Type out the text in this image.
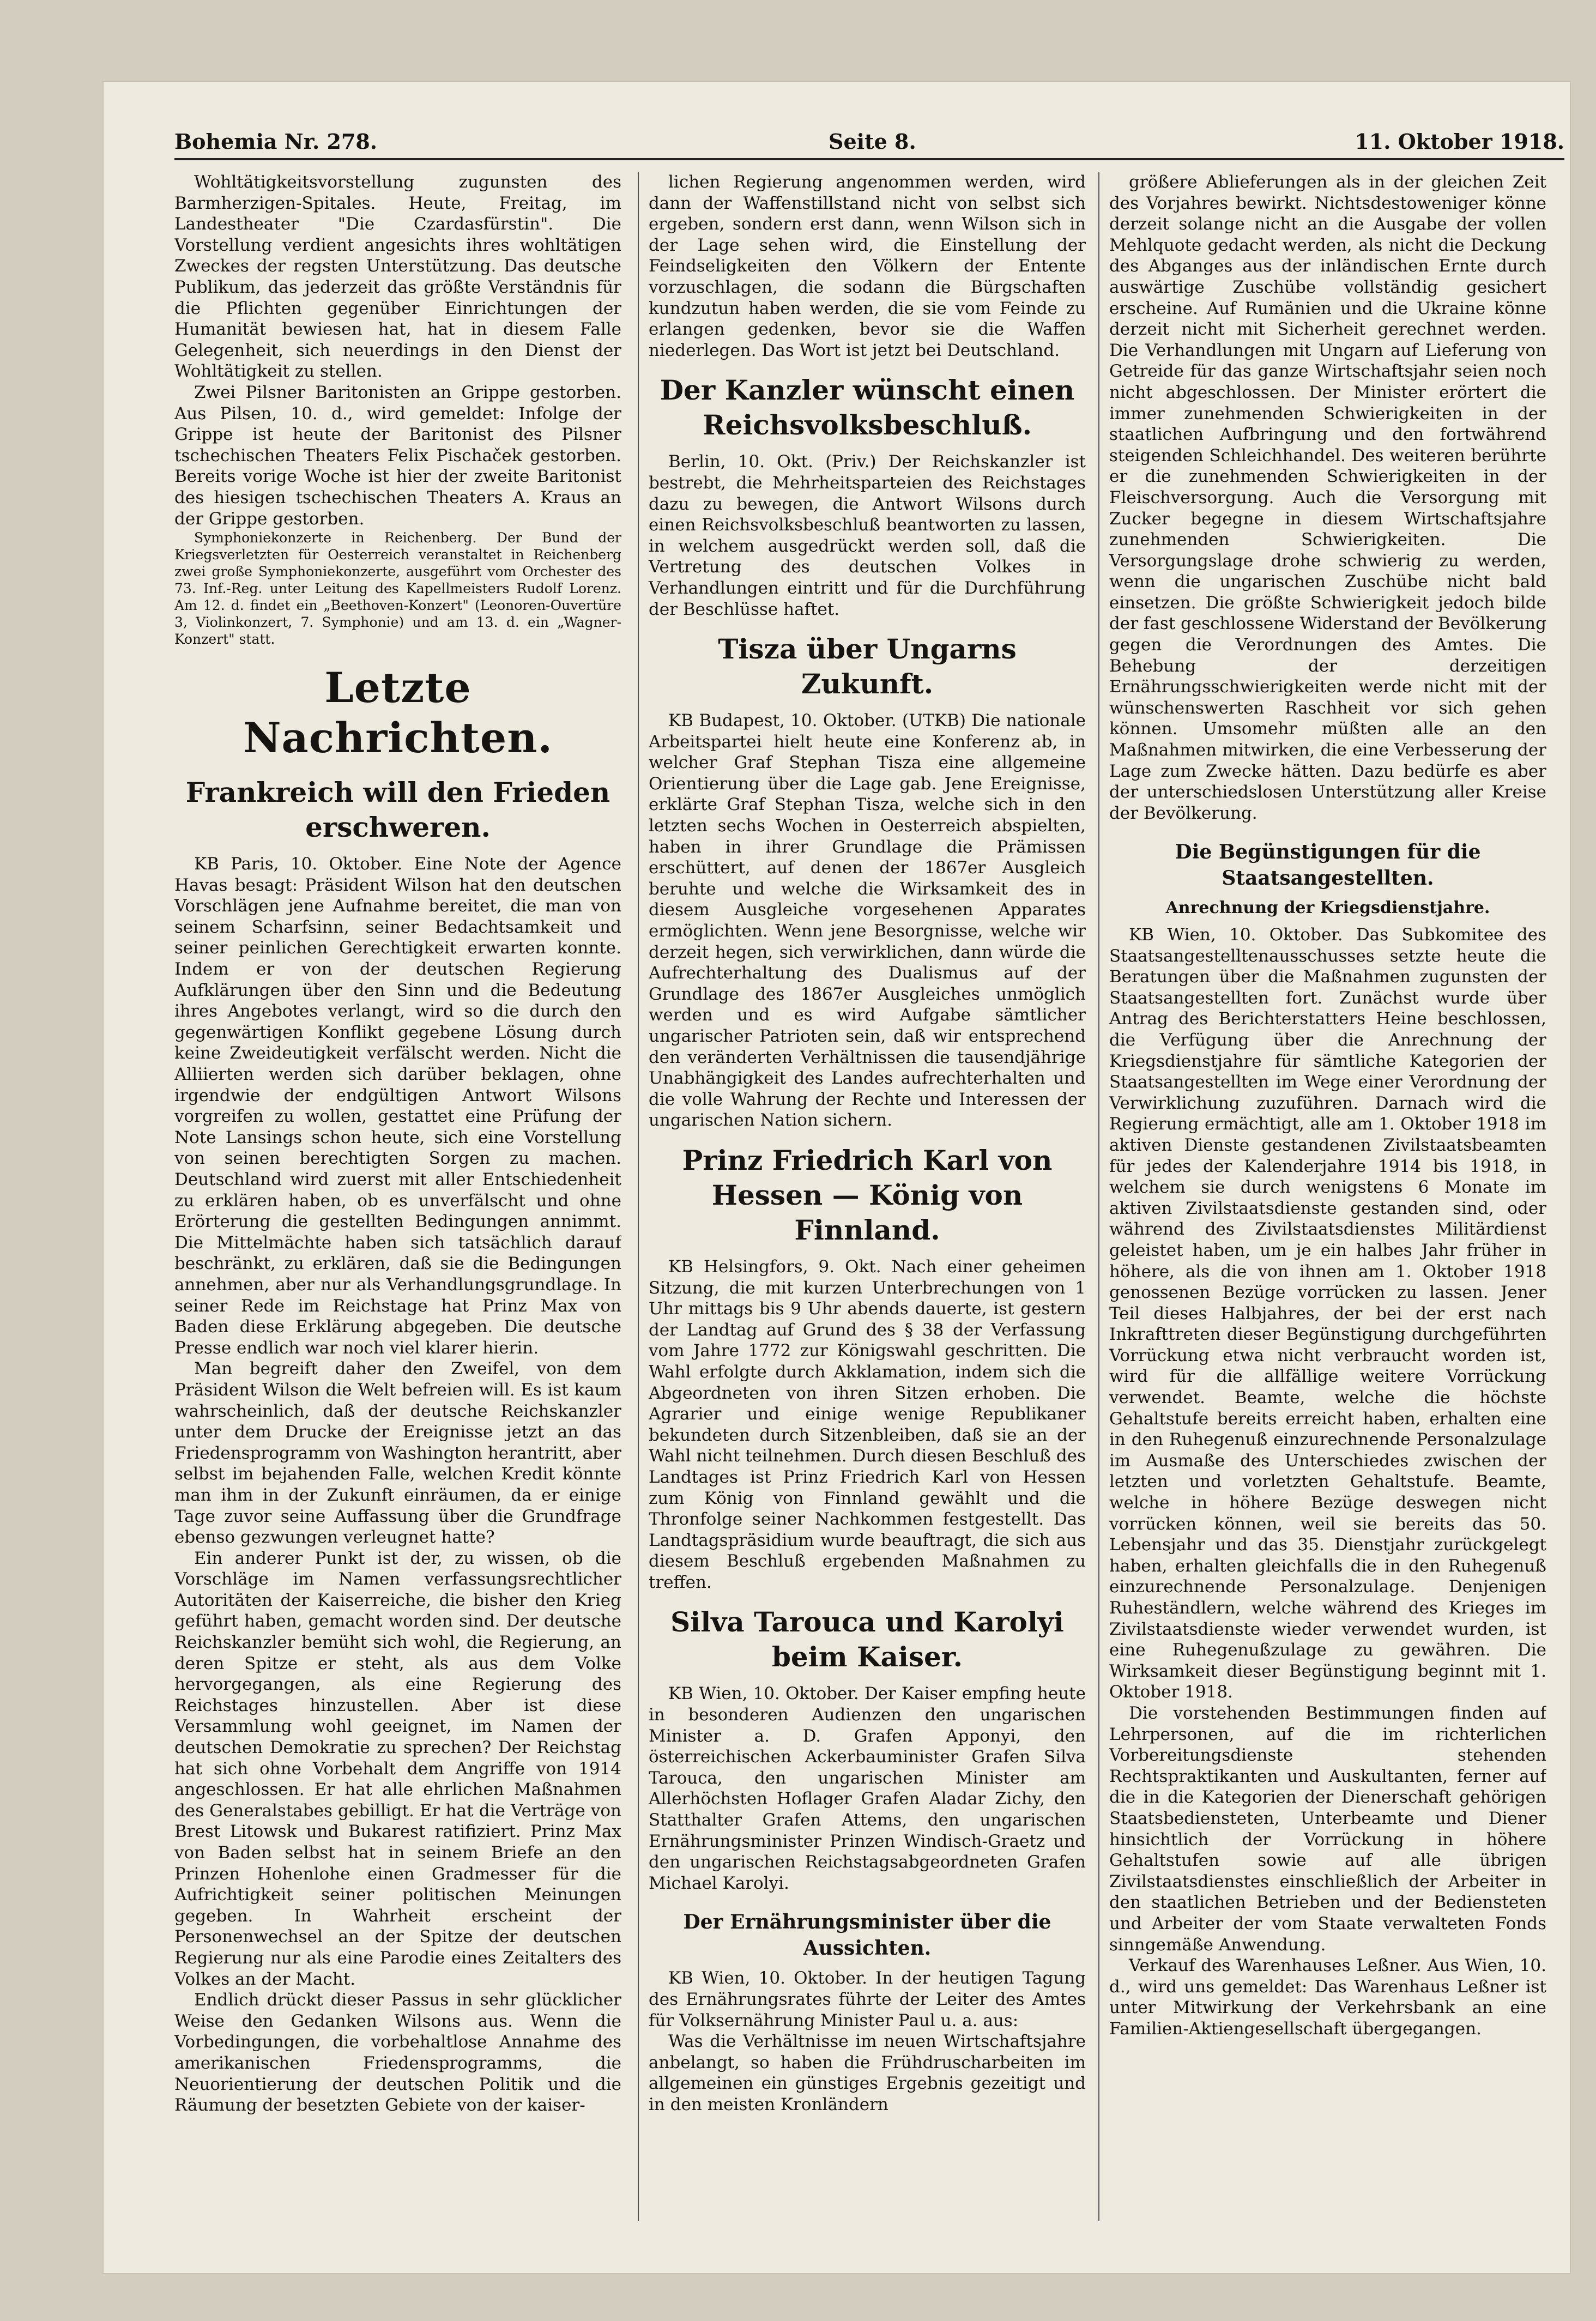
Bohemia Nr. 278.	Seite 8.	11. Oktober 1918.

Wohltätigkeitsvorstellung zugunsten des Barmherzigen-Spitales. Heute, Freitag, im Landestheater "Die Czardasfürstin". Die Vorstellung verdient angesichts ihres wohltätigen Zweckes der regsten Unterstützung. Das deutsche Publikum, das jederzeit das größte Verständnis für die Pflichten gegenüber Einrichtungen der Humanität bewiesen hat, hat in diesem Falle Gelegenheit, sich neuerdings in den Dienst der Wohltätigkeit zu stellen.

Zwei Pilsner Baritonisten an Grippe gestorben. Aus Pilsen, 10. d., wird gemeldet: Infolge der Grippe ist heute der Baritonist des Pilsner tschechischen Theaters Felix Pischaček gestorben. Bereits vorige Woche ist hier der zweite Baritonist des hiesigen tschechischen Theaters A. Kraus an der Grippe gestorben.

Symphoniekonzerte in Reichenberg. Der Bund der Kriegsverletzten für Oesterreich veranstaltet in Reichenberg zwei große Symphoniekonzerte, ausgeführt vom Orchester des 73. Inf.-Reg. unter Leitung des Kapellmeisters Rudolf Lorenz. Am 12. d. findet ein „Beethoven-Konzert" (Leonoren-Ouvertüre 3, Violinkonzert, 7. Symphonie) und am 13. d. ein „Wagner-Konzert" statt.

Letzte Nachrichten.
Frankreich will den Frieden erschweren.

KB Paris, 10. Oktober. Eine Note der Agence Havas besagt: Präsident Wilson hat den deutschen Vorschlägen jene Aufnahme bereitet, die man von seinem Scharfsinn, seiner Bedachtsamkeit und seiner peinlichen Gerechtigkeit erwarten konnte. Indem er von der deutschen Regierung Aufklärungen über den Sinn und die Bedeutung ihres Angebotes verlangt, wird so die durch den gegenwärtigen Konflikt gegebene Lösung durch keine Zweideutigkeit verfälscht werden. Nicht die Alliierten werden sich darüber beklagen, ohne irgendwie der endgültigen Antwort Wilsons vorgreifen zu wollen, gestattet eine Prüfung der Note Lansings schon heute, sich eine Vorstellung von seinen berechtigten Sorgen zu machen. Deutschland wird zuerst mit aller Entschiedenheit zu erklären haben, ob es unverfälscht und ohne Erörterung die gestellten Bedingungen annimmt. Die Mittelmächte haben sich tatsächlich darauf beschränkt, zu erklären, daß sie die Bedingungen annehmen, aber nur als Verhandlungsgrundlage. In seiner Rede im Reichstage hat Prinz Max von Baden diese Erklärung abgegeben. Die deutsche Presse endlich war noch viel klarer hierin.

Man begreift daher den Zweifel, von dem Präsident Wilson die Welt befreien will. Es ist kaum wahrscheinlich, daß der deutsche Reichskanzler unter dem Drucke der Ereignisse jetzt an das Friedensprogramm von Washington herantritt, aber selbst im bejahenden Falle, welchen Kredit könnte man ihm in der Zukunft einräumen, da er einige Tage zuvor seine Auffassung über die Grundfrage ebenso gezwungen verleugnet hatte?

Ein anderer Punkt ist der, zu wissen, ob die Vorschläge im Namen verfassungsrechtlicher Autoritäten der Kaiserreiche, die bisher den Krieg geführt haben, gemacht worden sind. Der deutsche Reichskanzler bemüht sich wohl, die Regierung, an deren Spitze er steht, als aus dem Volke hervorgegangen, als eine Regierung des Reichstages hinzustellen. Aber ist diese Versammlung wohl geeignet, im Namen der deutschen Demokratie zu sprechen? Der Reichstag hat sich ohne Vorbehalt dem Angriffe von 1914 angeschlossen. Er hat alle ehrlichen Maßnahmen des Generalstabes gebilligt. Er hat die Verträge von Brest Litowsk und Bukarest ratifiziert. Prinz Max von Baden selbst hat in seinem Briefe an den Prinzen Hohenlohe einen Gradmesser für die Aufrichtigkeit seiner politischen Meinungen gegeben. In Wahrheit erscheint der Personenwechsel an der Spitze der deutschen Regierung nur als eine Parodie eines Zeitalters des Volkes an der Macht.

Endlich drückt dieser Passus in sehr glücklicher Weise den Gedanken Wilsons aus. Wenn die Vorbedingungen, die vorbehaltlose Annahme des amerikanischen Friedensprogramms, die Neuorientierung der deutschen Politik und die Räumung der besetzten Gebiete von der kaiser-

lichen Regierung angenommen werden, wird dann der Waffenstillstand nicht von selbst sich ergeben, sondern erst dann, wenn Wilson sich in der Lage sehen wird, die Einstellung der Feindseligkeiten den Völkern der Entente vorzuschlagen, die sodann die Bürgschaften kundzutun haben werden, die sie vom Feinde zu erlangen gedenken, bevor sie die Waffen niederlegen. Das Wort ist jetzt bei Deutschland.

Der Kanzler wünscht einen Reichsvolksbeschluß.

Berlin, 10. Okt. (Priv.) Der Reichskanzler ist bestrebt, die Mehrheitsparteien des Reichstages dazu zu bewegen, die Antwort Wilsons durch einen Reichsvolksbeschluß beantworten zu lassen, in welchem ausgedrückt werden soll, daß die Vertretung des deutschen Volkes in Verhandlungen eintritt und für die Durchführung der Beschlüsse haftet.

Tisza über Ungarns Zukunft.

KB Budapest, 10. Oktober. (UTKB) Die nationale Arbeitspartei hielt heute eine Konferenz ab, in welcher Graf Stephan Tisza eine allgemeine Orientierung über die Lage gab. Jene Ereignisse, erklärte Graf Stephan Tisza, welche sich in den letzten sechs Wochen in Oesterreich abspielten, haben in ihrer Grundlage die Prämissen erschüttert, auf denen der 1867er Ausgleich beruhte und welche die Wirksamkeit des in diesem Ausgleiche vorgesehenen Apparates ermöglichten. Wenn jene Besorgnisse, welche wir derzeit hegen, sich verwirklichen, dann würde die Aufrechterhaltung des Dualismus auf der Grundlage des 1867er Ausgleiches unmöglich werden und es wird Aufgabe sämtlicher ungarischer Patrioten sein, daß wir entsprechend den veränderten Verhältnissen die tausendjährige Unabhängigkeit des Landes aufrechterhalten und die volle Wahrung der Rechte und Interessen der ungarischen Nation sichern.

Prinz Friedrich Karl von Hessen — König von Finnland.

KB Helsingfors, 9. Okt. Nach einer geheimen Sitzung, die mit kurzen Unterbrechungen von 1 Uhr mittags bis 9 Uhr abends dauerte, ist gestern der Landtag auf Grund des § 38 der Verfassung vom Jahre 1772 zur Königswahl geschritten. Die Wahl erfolgte durch Akklamation, indem sich die Abgeordneten von ihren Sitzen erhoben. Die Agrarier und einige wenige Republikaner bekundeten durch Sitzenbleiben, daß sie an der Wahl nicht teilnehmen. Durch diesen Beschluß des Landtages ist Prinz Friedrich Karl von Hessen zum König von Finnland gewählt und die Thronfolge seiner Nachkommen festgestellt. Das Landtagspräsidium wurde beauftragt, die sich aus diesem Beschluß ergebenden Maßnahmen zu treffen.

Silva Tarouca und Karolyi beim Kaiser.

KB Wien, 10. Oktober. Der Kaiser empfing heute in besonderen Audienzen den ungarischen Minister a. D. Grafen Apponyi, den österreichischen Ackerbauminister Grafen Silva Tarouca, den ungarischen Minister am Allerhöchsten Hoflager Grafen Aladar Zichy, den Statthalter Grafen Attems, den ungarischen Ernährungsminister Prinzen Windisch-Graetz und den ungarischen Reichstagsabgeordneten Grafen Michael Karolyi.

Der Ernährungsminister über die Aussichten.

KB Wien, 10. Oktober. In der heutigen Tagung des Ernährungsrates führte der Leiter des Amtes für Volksernährung Minister Paul u. a. aus:

Was die Verhältnisse im neuen Wirtschaftsjahre anbelangt, so haben die Frühdruscharbeiten im allgemeinen ein günstiges Ergebnis gezeitigt und in den meisten Kronländern

größere Ablieferungen als in der gleichen Zeit des Vorjahres bewirkt. Nichtsdestoweniger könne derzeit solange nicht an die Ausgabe der vollen Mehlquote gedacht werden, als nicht die Deckung des Abganges aus der inländischen Ernte durch auswärtige Zuschübe vollständig gesichert erscheine. Auf Rumänien und die Ukraine könne derzeit nicht mit Sicherheit gerechnet werden. Die Verhandlungen mit Ungarn auf Lieferung von Getreide für das ganze Wirtschaftsjahr seien noch nicht abgeschlossen. Der Minister erörtert die immer zunehmenden Schwierigkeiten in der staatlichen Aufbringung und den fortwährend steigenden Schleichhandel. Des weiteren berührte er die zunehmenden Schwierigkeiten in der Fleischversorgung. Auch die Versorgung mit Zucker begegne in diesem Wirtschaftsjahre zunehmenden Schwierigkeiten. Die Versorgungslage drohe schwierig zu werden, wenn die ungarischen Zuschübe nicht bald einsetzen. Die größte Schwierigkeit jedoch bilde der fast geschlossene Widerstand der Bevölkerung gegen die Verordnungen des Amtes. Die Behebung der derzeitigen Ernährungsschwierigkeiten werde nicht mit der wünschenswerten Raschheit vor sich gehen können. Umsomehr müßten alle an den Maßnahmen mitwirken, die eine Verbesserung der Lage zum Zwecke hätten. Dazu bedürfe es aber der unterschiedslosen Unterstützung aller Kreise der Bevölkerung.

Die Begünstigungen für die Staatsangestellten.
Anrechnung der Kriegsdienstjahre.

KB Wien, 10. Oktober. Das Subkomitee des Staatsangestelltenausschusses setzte heute die Beratungen über die Maßnahmen zugunsten der Staatsangestellten fort. Zunächst wurde über Antrag des Berichterstatters Heine beschlossen, die Verfügung über die Anrechnung der Kriegsdienstjahre für sämtliche Kategorien der Staatsangestellten im Wege einer Verordnung der Verwirklichung zuzuführen. Darnach wird die Regierung ermächtigt, alle am 1. Oktober 1918 im aktiven Dienste gestandenen Zivilstaatsbeamten für jedes der Kalenderjahre 1914 bis 1918, in welchem sie durch wenigstens 6 Monate im aktiven Zivilstaatsdienste gestanden sind, oder während des Zivilstaatsdienstes Militärdienst geleistet haben, um je ein halbes Jahr früher in höhere, als die von ihnen am 1. Oktober 1918 genossenen Bezüge vorrücken zu lassen. Jener Teil dieses Halbjahres, der bei der erst nach Inkrafttreten dieser Begünstigung durchgeführten Vorrückung etwa nicht verbraucht worden ist, wird für die allfällige weitere Vorrückung verwendet. Beamte, welche die höchste Gehaltstufe bereits erreicht haben, erhalten eine in den Ruhegenuß einzurechnende Personalzulage im Ausmaße des Unterschiedes zwischen der letzten und vorletzten Gehaltstufe. Beamte, welche in höhere Bezüge deswegen nicht vorrücken können, weil sie bereits das 50. Lebensjahr und das 35. Dienstjahr zurückgelegt haben, erhalten gleichfalls die in den Ruhegenuß einzurechnende Personalzulage. Denjenigen Ruheständlern, welche während des Krieges im Zivilstaatsdienste wieder verwendet wurden, ist eine Ruhegenußzulage zu gewähren. Die Wirksamkeit dieser Begünstigung beginnt mit 1. Oktober 1918.

Die vorstehenden Bestimmungen finden auf Lehrpersonen, auf die im richterlichen Vorbereitungsdienste stehenden Rechtspraktikanten und Auskultanten, ferner auf die in die Kategorien der Dienerschaft gehörigen Staatsbediensteten, Unterbeamte und Diener hinsichtlich der Vorrückung in höhere Gehaltstufen sowie auf alle übrigen Zivilstaatsdienstes einschließlich der Arbeiter in den staatlichen Betrieben und der Bediensteten und Arbeiter der vom Staate verwalteten Fonds sinngemäße Anwendung.

Verkauf des Warenhauses Leßner. Aus Wien, 10. d., wird uns gemeldet: Das Warenhaus Leßner ist unter Mitwirkung der Verkehrsbank an eine Familien-Aktiengesellschaft übergegangen.
